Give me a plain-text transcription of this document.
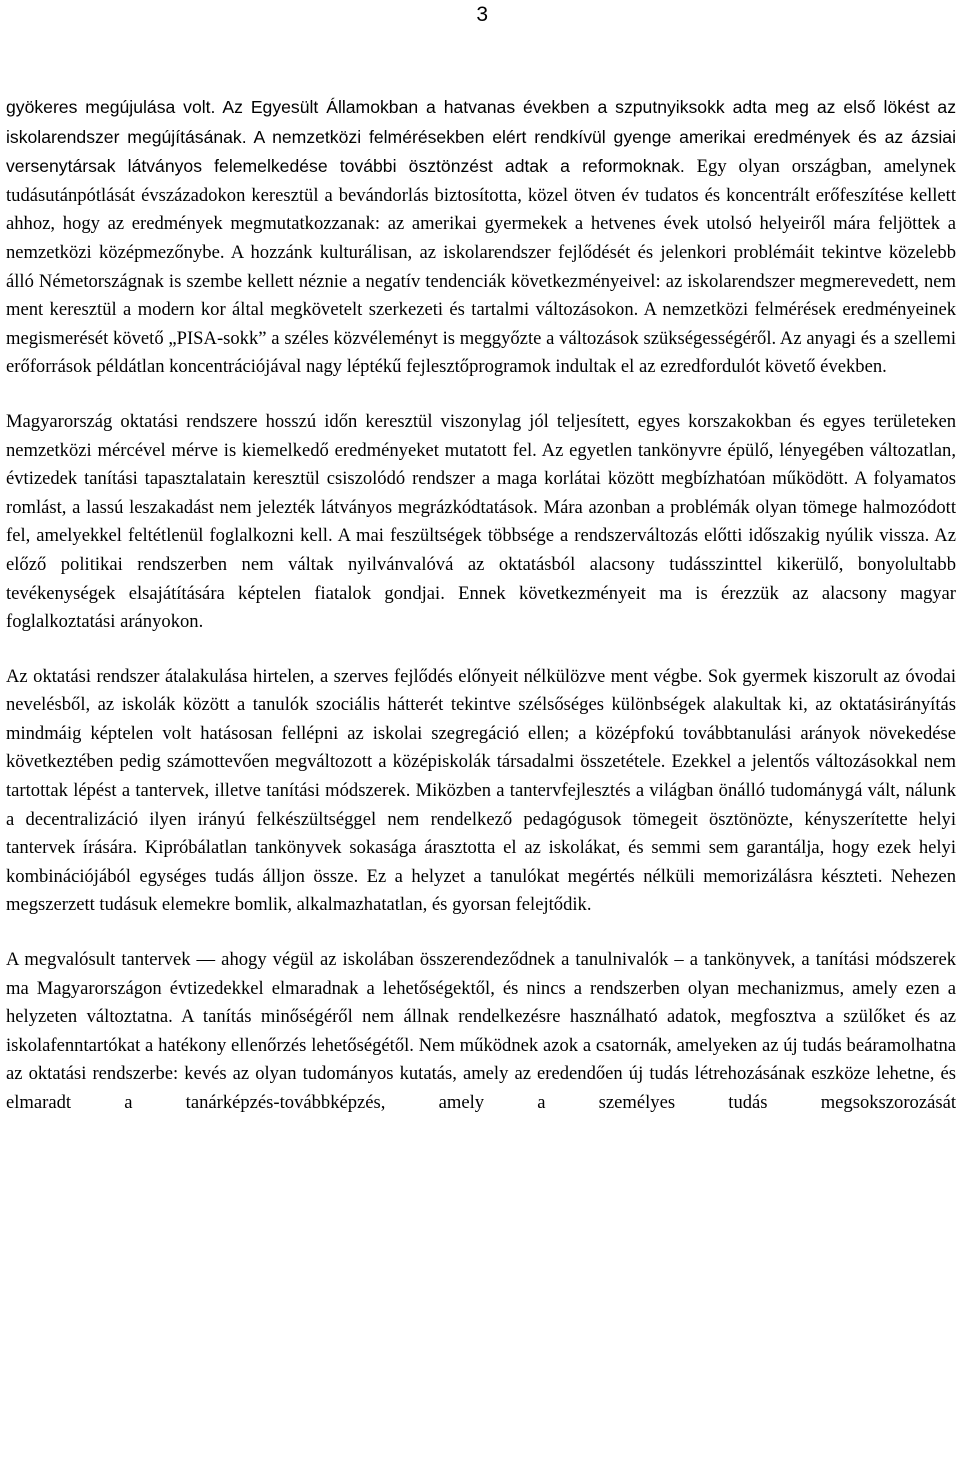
3

gyökeres megújulása volt. Az Egyesült Államokban a hatvanas években a szputnyiksokk adta meg az első lökést az iskolarendszer megújításának. A nemzetközi felmérésekben elért rendkívül gyenge amerikai eredmények és az ázsiai versenytársak látványos felemelkedése további ösztönzést adtak a reformoknak. Egy olyan országban, amelynek tudásutánpótlását évszázadokon keresztül a bevándorlás biztosította, közel ötven év tudatos és koncentrált erőfeszítése kellett ahhoz, hogy az eredmények megmutatkozzanak: az amerikai gyermekek a hetvenes évek utolsó helyeiről mára feljöttek a nemzetközi középmezőnybe. A hozzánk kulturálisan, az iskolarendszer fejlődését és jelenkori problémáit tekintve közelebb álló Németországnak is szembe kellett néznie a negatív tendenciák következményeivel: az iskolarendszer megmerevedett, nem ment keresztül a modern kor által megkövetelt szerkezeti és tartalmi változásokon. A nemzetközi felmérések eredményeinek megismerését követő „PISA-sokk” a széles közvéleményt is meggyőzte a változások szükségességéről. Az anyagi és a szellemi erőforrások példátlan koncentrációjával nagy léptékű fejlesztőprogramok indultak el az ezredfordulót követő években.

Magyarország oktatási rendszere hosszú időn keresztül viszonylag jól teljesített, egyes korszakokban és egyes területeken nemzetközi mércével mérve is kiemelkedő eredményeket mutatott fel. Az egyetlen tankönyvre épülő, lényegében változatlan, évtizedek tanítási tapasztalatain keresztül csiszolódó rendszer a maga korlátai között megbízhatóan működött. A folyamatos romlást, a lassú leszakadást nem jelezték látványos megrázkódtatások. Mára azonban a problémák olyan tömege halmozódott fel, amelyekkel feltétlenül foglalkozni kell. A mai feszültségek többsége a rendszerváltozás előtti időszakig nyúlik vissza. Az előző politikai rendszerben nem váltak nyilvánvalóvá az oktatásból alacsony tudásszinttel kikerülő, bonyolultabb tevékenységek elsajátítására képtelen fiatalok gondjai. Ennek következményeit ma is érezzük az alacsony magyar foglalkoztatási arányokon.

Az oktatási rendszer átalakulása hirtelen, a szerves fejlődés előnyeit nélkülözve ment végbe. Sok gyermek kiszorult az óvodai nevelésből, az iskolák között a tanulók szociális hátterét tekintve szélsőséges különbségek alakultak ki, az oktatásirányítás mindmáig képtelen volt hatásosan fellépni az iskolai szegregáció ellen; a középfokú továbbtanulási arányok növekedése következtében pedig számottevően megváltozott a középiskolák társadalmi összetétele. Ezekkel a jelentős változásokkal nem tartottak lépést a tantervek, illetve tanítási módszerek. Miközben a tantervfejlesztés a világban önálló tudománygá vált, nálunk a decentralizáció ilyen irányú felkészültséggel nem rendelkező pedagógusok tömegeit ösztönözte, kényszerítette helyi tantervek írására. Kipróbálatlan tankönyvek sokasága árasztotta el az iskolákat, és semmi sem garantálja, hogy ezek helyi kombinációjából egységes tudás álljon össze. Ez a helyzet a tanulókat megértés nélküli memorizálásra készteti. Nehezen megszerzett tudásuk elemekre bomlik, alkalmazhatatlan, és gyorsan felejtődik.

A megvalósult tantervek ― ahogy végül az iskolában összerendeződnek a tanulnivalók – a tankönyvek, a tanítási módszerek ma Magyarországon évtizedekkel elmaradnak a lehetőségektől, és nincs a rendszerben olyan mechanizmus, amely ezen a helyzeten változtatna. A tanítás minőségéről nem állnak rendelkezésre használható adatok, megfosztva a szülőket és az iskolafenntartókat a hatékony ellenőrzés lehetőségétől. Nem működnek azok a csatornák, amelyeken az új tudás beáramolhatna az oktatási rendszerbe: kevés az olyan tudományos kutatás, amely az eredendően új tudás létrehozásának eszköze lehetne, és elmaradt a tanárképzés-továbbképzés, amely a személyes tudás megsokszorozását
